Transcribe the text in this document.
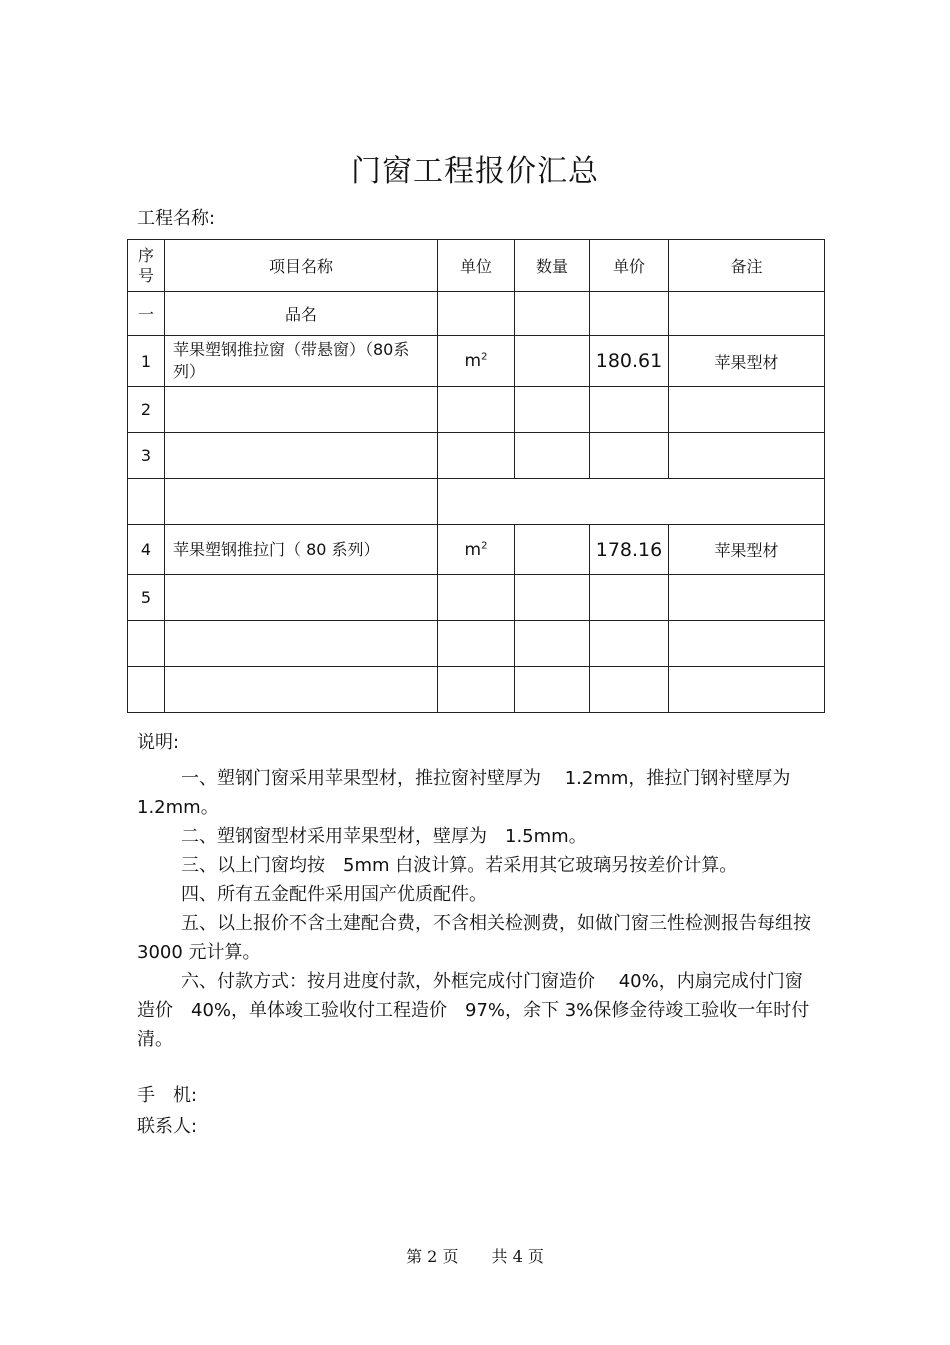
门窗工程报价汇总
工程名称:
序号	项目名称	单位	数量	单价	备注
一	品名				
1	苹果塑钢推拉窗（带悬窗）（80系列）	$m^2$		180.61	苹果型材
2					
3					

4	苹果塑钢推拉门（ 80 系列）	$m^2$		178.16	苹果型材
5					

说明:

一、塑钢门窗采用苹果型材，推拉窗衬壁厚为　 1.2mm，推拉门钢衬壁厚为 1.2mm。

二、塑钢窗型材采用苹果型材，壁厚为　1.5mm。

三、以上门窗均按　5mm 白波计算。若采用其它玻璃另按差价计算。

四、所有五金配件采用国产优质配件。

五、以上报价不含土建配合费，不含相关检测费，如做门窗三性检测报告每组按　3000 元计算。

六、付款方式：按月进度付款，外框完成付门窗造价　 40%，内扇完成付门窗造价　40%，单体竣工验收付工程造价　97%，余下 3%保修金待竣工验收一年时付清。

手　机:
联系人:
第 2 页 共 4 页
